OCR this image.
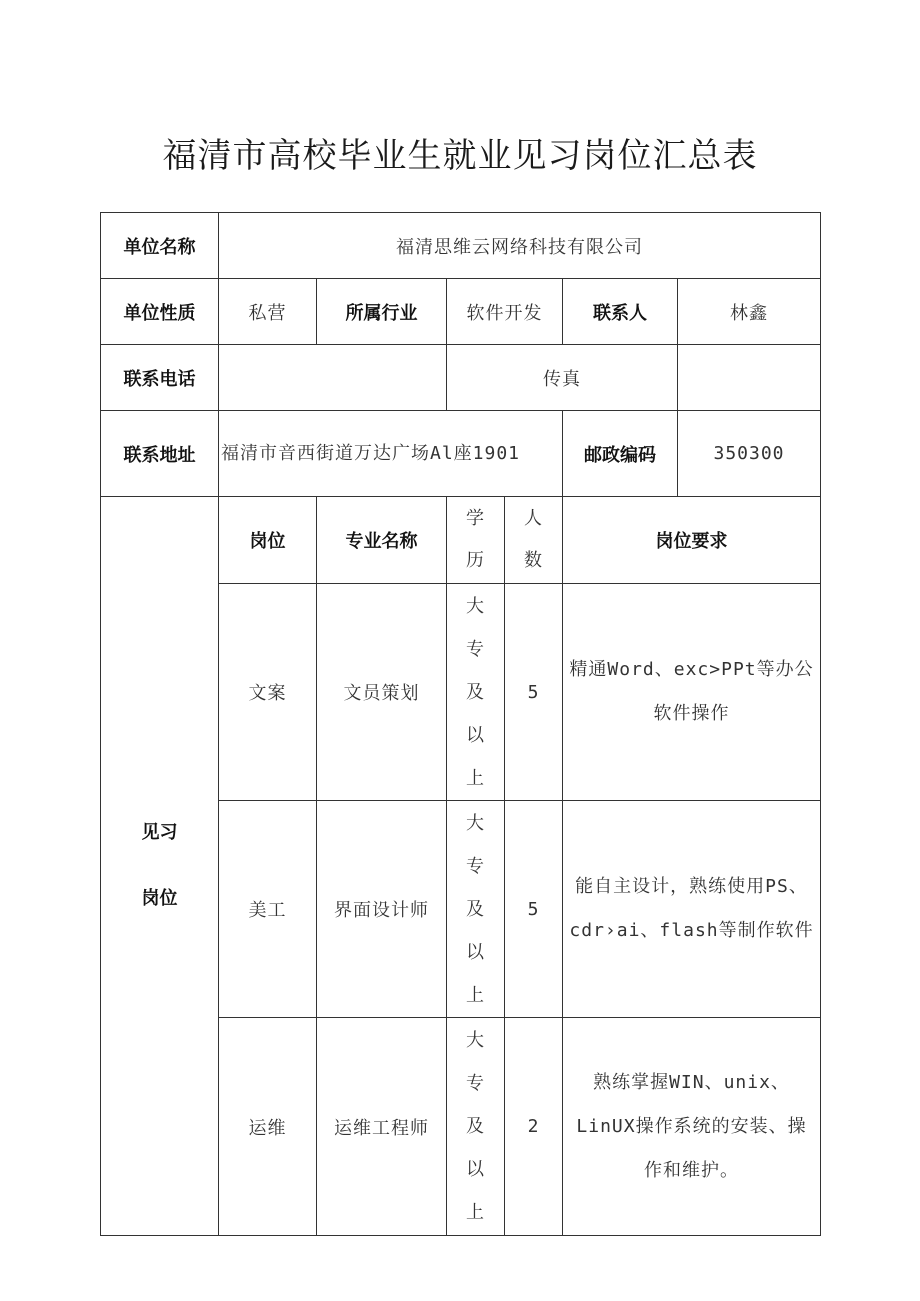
福清市高校毕业生就业见习岗位汇总表
单位名称	福清思维云网络科技有限公司					
单位性质	私营	所属行业	软件开发		联系人	林鑫
联系电话			传真			
联系地址	福清市音西街道万达广场Al座1901				邮政编码	350300

见习岗位	岗位	专业名称	学历	人数	岗位要求	
	文案	文员策划	大专及以上	5	精通Word、exc>PPt等办公软件操作	
	美工	界面设计师	大专及以上	5	能自主设计，熟练使用PS、cdr›ai、flash等制作软件	
	运维	运维工程师	大专及以上	2	熟练掌握WIN、unix、LinUX操作系统的安装、操作和维护。	
